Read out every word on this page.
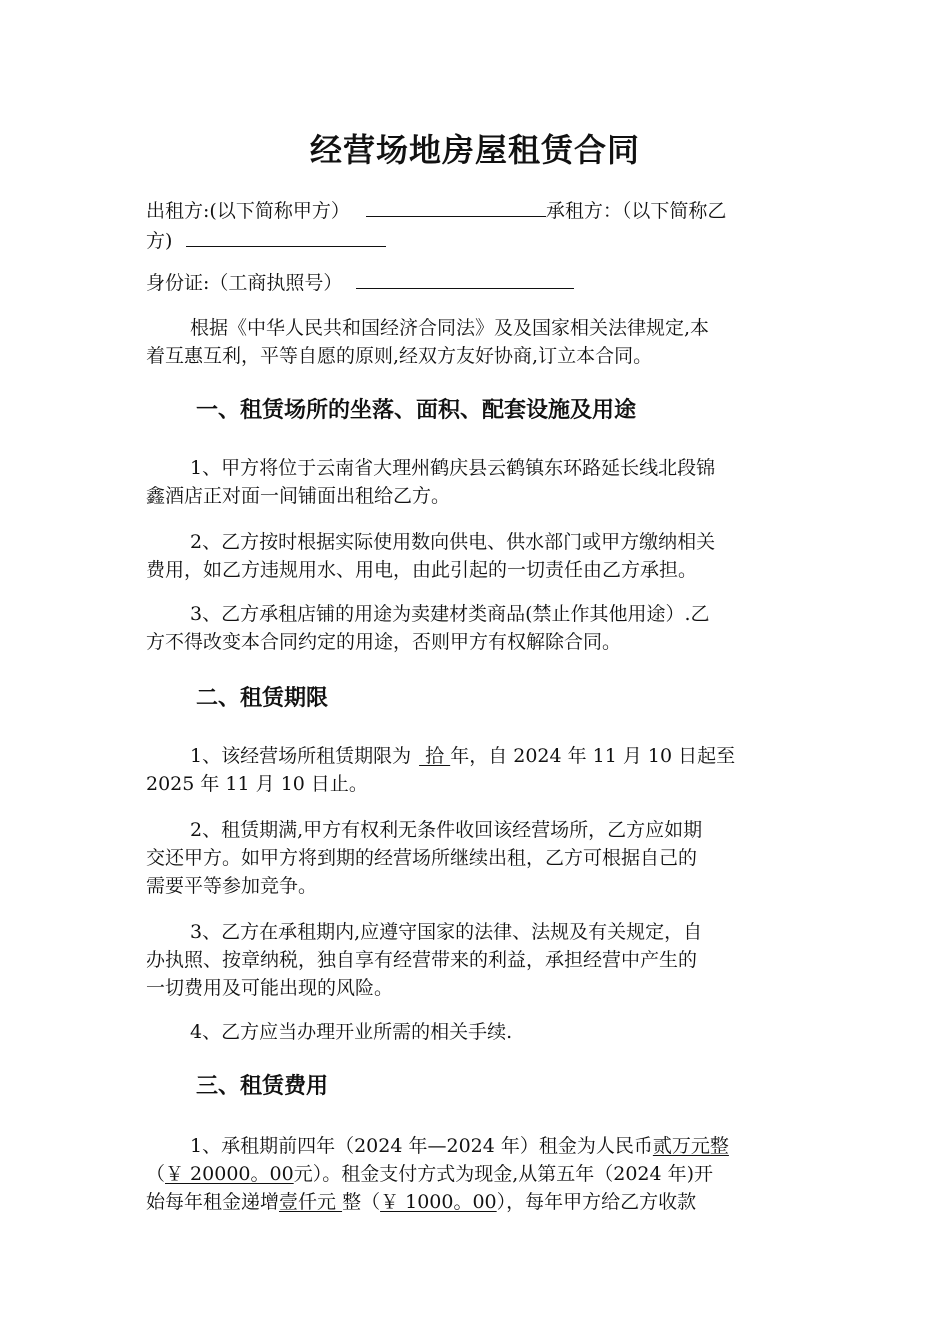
经营场地房屋租赁合同
出租方:(以下简称甲方）	承租方：（以下简称乙
方)
身份证:（工商执照号）
根据《中华人民共和国经济合同法》及及国家相关法律规定,本
着互惠互利，平等自愿的原则,经双方友好协商,订立本合同。
一、租赁场所的坐落、面积、配套设施及用途
1、甲方将位于云南省大理州鹤庆县云鹤镇东环路延长线北段锦
鑫酒店正对面一间铺面出租给乙方。
2、乙方按时根据实际使用数向供电、供水部门或甲方缴纳相关
费用，如乙方违规用水、用电，由此引起的一切责任由乙方承担。
3、乙方承租店铺的用途为卖建材类商品(禁止作其他用途）.乙
方不得改变本合同约定的用途，否则甲方有权解除合同。
二、租赁期限
1、该经营场所租赁期限为 拾 年，自 2024 年 11 月 10 日起至
2025 年 11 月 10 日止。
2、租赁期满,甲方有权利无条件收回该经营场所，乙方应如期
交还甲方。如甲方将到期的经营场所继续出租，乙方可根据自己的
需要平等参加竞争。
3、乙方在承租期内,应遵守国家的法律、法规及有关规定，自
办执照、按章纳税，独自享有经营带来的利益，承担经营中产生的
一切费用及可能出现的风险。
4、乙方应当办理开业所需的相关手续.
三、租赁费用
1、承租期前四年（2024 年—2024 年）租金为人民币贰万元整
（￥ 20000。00元）。租金支付方式为现金,从第五年（2024 年)开
始每年租金递增壹仟元 整（￥ 1000。00），每年甲方给乙方收款
